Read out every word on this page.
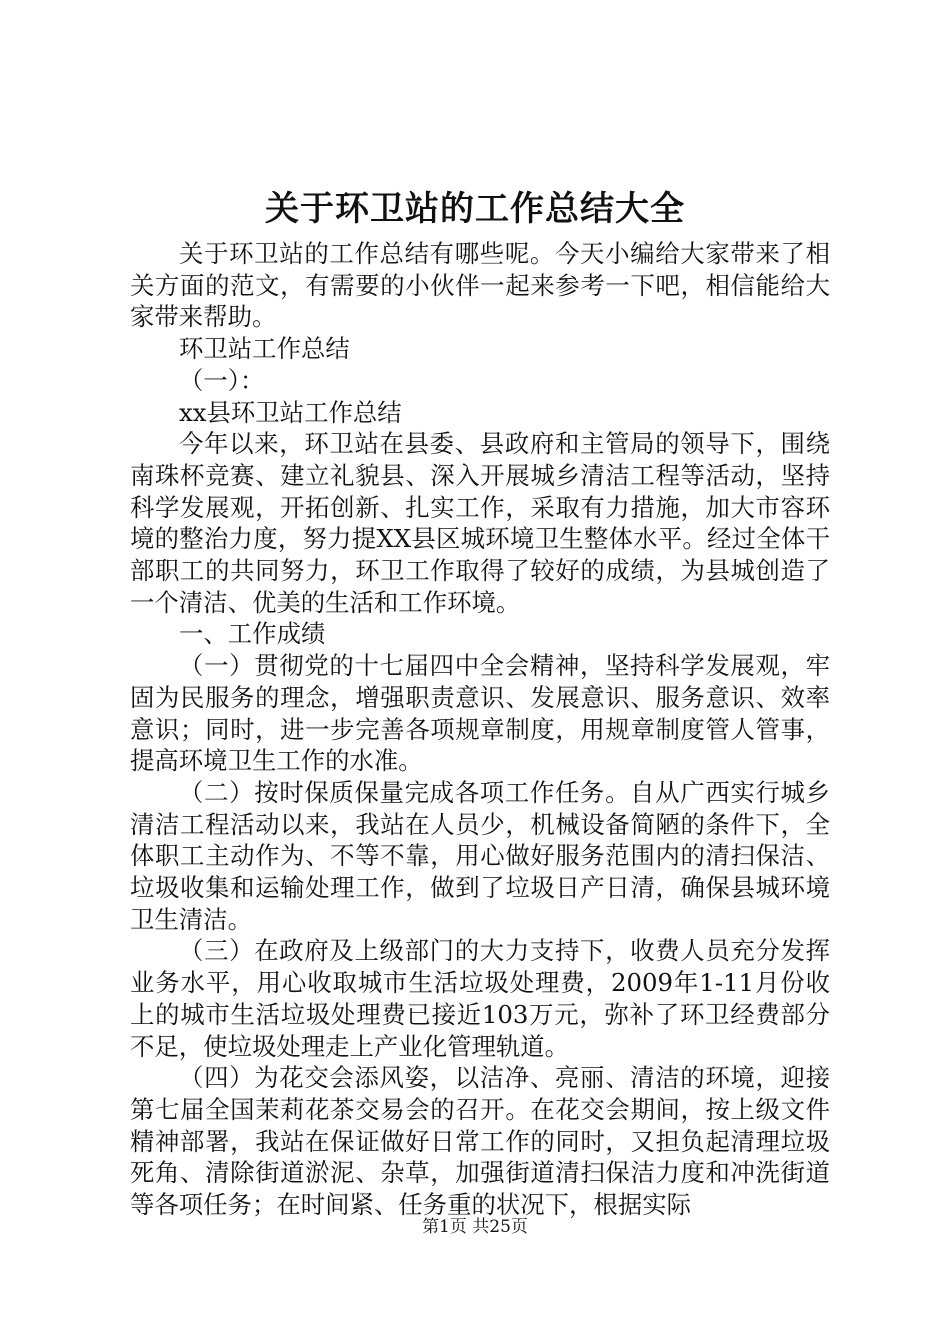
关于环卫站的工作总结大全

关于环卫站的工作总结有哪些呢。今天小编给大家带来了相关方面的范文，有需要的小伙伴一起来参考一下吧，相信能给大家带来帮助。

环卫站工作总结

（一）：

xx县环卫站工作总结

今年以来，环卫站在县委、县政府和主管局的领导下，围绕南珠杯竞赛、建立礼貌县、深入开展城乡清洁工程等活动，坚持科学发展观，开拓创新、扎实工作，采取有力措施，加大市容环境的整治力度，努力提XX县区城环境卫生整体水平。经过全体干部职工的共同努力，环卫工作取得了较好的成绩，为县城创造了一个清洁、优美的生活和工作环境。

一、工作成绩

（一）贯彻党的十七届四中全会精神，坚持科学发展观，牢固为民服务的理念，增强职责意识、发展意识、服务意识、效率意识；同时，进一步完善各项规章制度，用规章制度管人管事，提高环境卫生工作的水准。

（二）按时保质保量完成各项工作任务。自从广西实行城乡清洁工程活动以来，我站在人员少，机械设备简陋的条件下，全体职工主动作为、不等不靠，用心做好服务范围内的清扫保洁、垃圾收集和运输处理工作，做到了垃圾日产日清，确保县城环境卫生清洁。

（三）在政府及上级部门的大力支持下，收费人员充分发挥业务水平，用心收取城市生活垃圾处理费，2009年1-11月份收上的城市生活垃圾处理费已接近103万元，弥补了环卫经费部分不足，使垃圾处理走上产业化管理轨道。

（四）为花交会添风姿，以洁净、亮丽、清洁的环境，迎接第七届全国茉莉花茶交易会的召开。在花交会期间，按上级文件精神部署，我站在保证做好日常工作的同时，又担负起清理垃圾死角、清除街道淤泥、杂草，加强街道清扫保洁力度和冲洗街道等各项任务；在时间紧、任务重的状况下，根据实际

第1页 共25页
